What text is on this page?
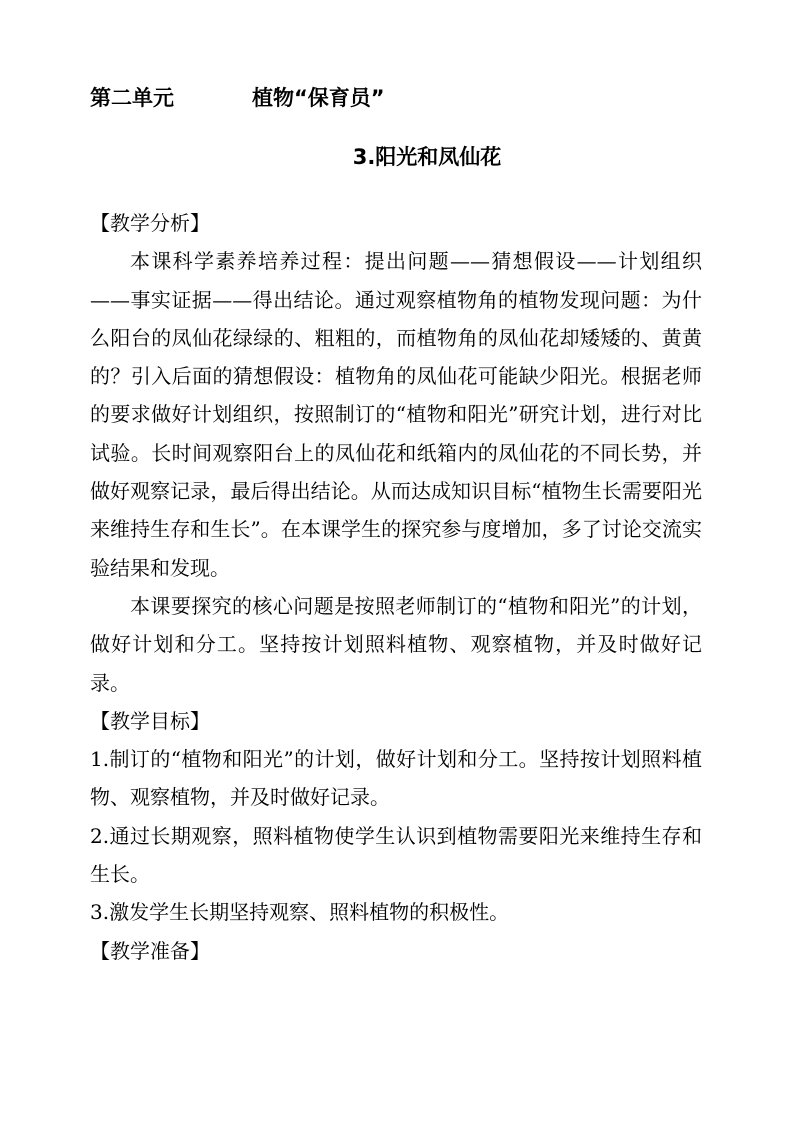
第二单元	植物“保育员”
3.阳光和凤仙花

【教学分析】

本课科学素养培养过程：提出问题——猜想假设——计划组织——事实证据——得出结论。通过观察植物角的植物发现问题：为什么阳台的凤仙花绿绿的、粗粗的，而植物角的凤仙花却矮矮的、黄黄的？引入后面的猜想假设：植物角的凤仙花可能缺少阳光。根据老师的要求做好计划组织，按照制订的“植物和阳光”研究计划，进行对比试验。长时间观察阳台上的凤仙花和纸箱内的凤仙花的不同长势，并做好观察记录，最后得出结论。从而达成知识目标“植物生长需要阳光来维持生存和生长”。在本课学生的探究参与度增加，多了讨论交流实验结果和发现。

本课要探究的核心问题是按照老师制订的“植物和阳光”的计划，做好计划和分工。坚持按计划照料植物、观察植物，并及时做好记录。

【教学目标】

1.制订的“植物和阳光”的计划，做好计划和分工。坚持按计划照料植物、观察植物，并及时做好记录。

2.通过长期观察，照料植物使学生认识到植物需要阳光来维持生存和生长。

3.激发学生长期坚持观察、照料植物的积极性。

【教学准备】
